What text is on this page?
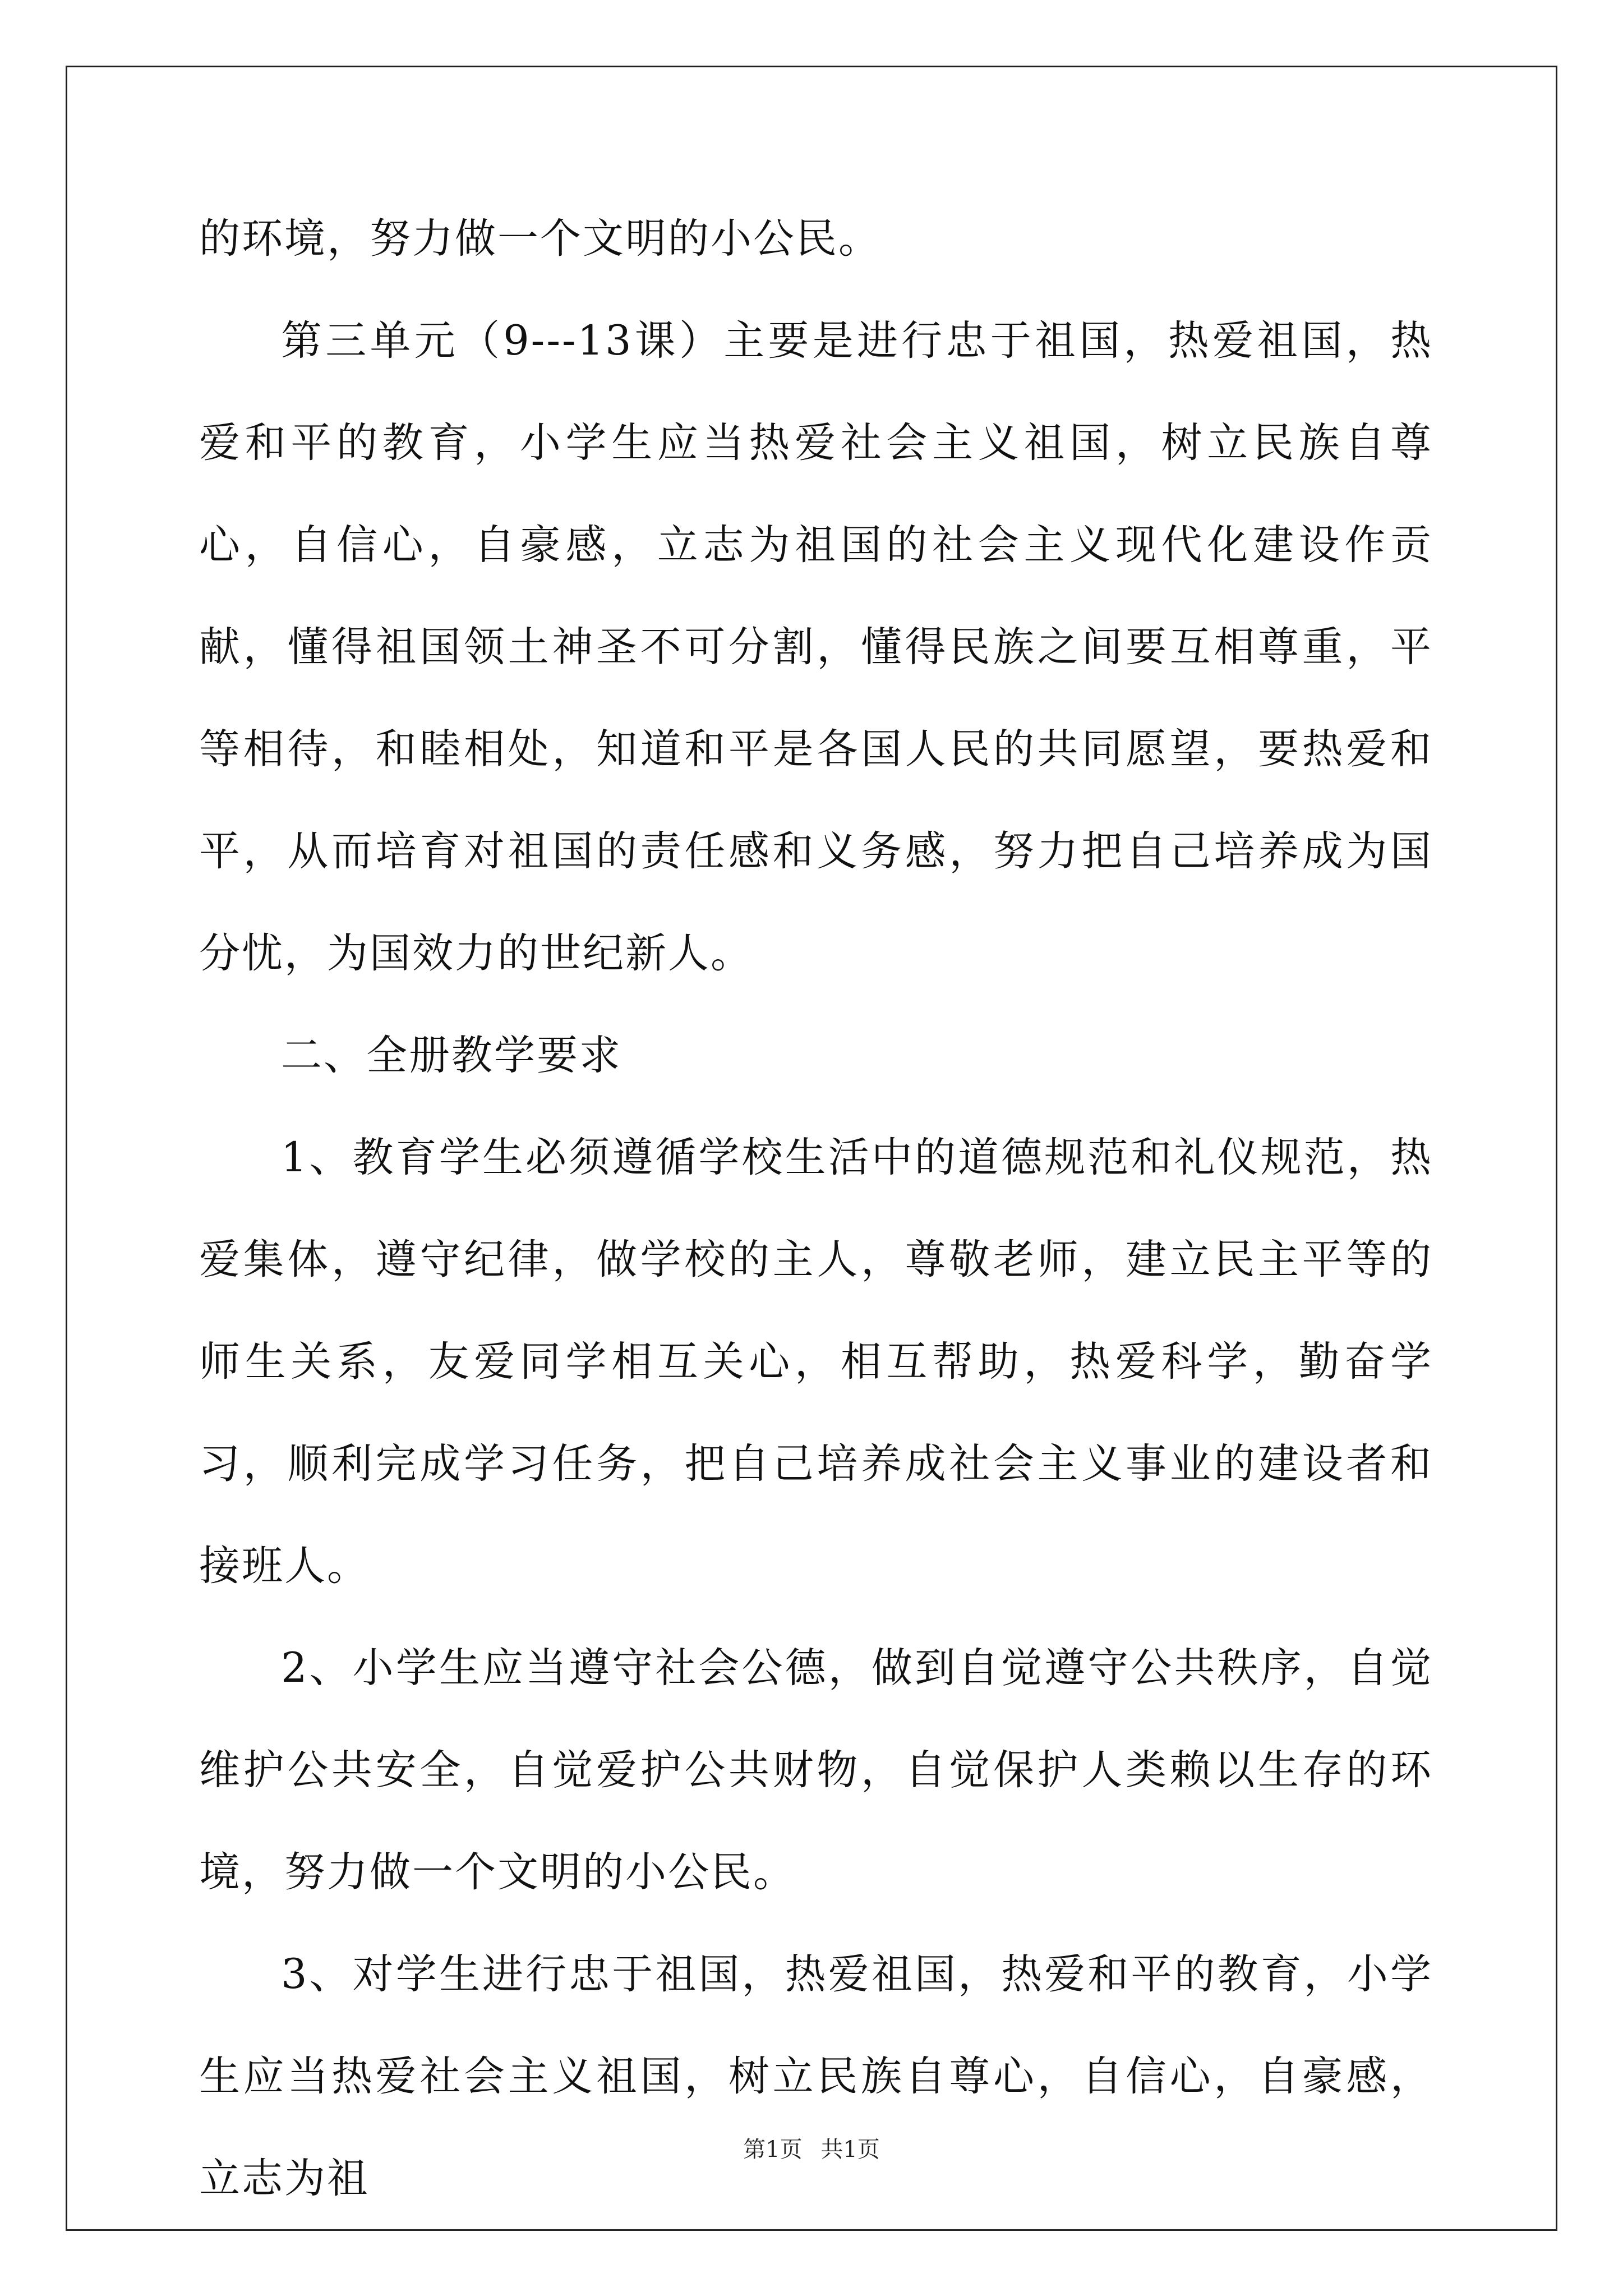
的环境，努力做一个文明的小公民。

第三单元（9---13课）主要是进行忠于祖国，热爱祖国，热爱和平的教育，小学生应当热爱社会主义祖国，树立民族自尊心，自信心，自豪感，立志为祖国的社会主义现代化建设作贡献，懂得祖国领土神圣不可分割，懂得民族之间要互相尊重，平等相待，和睦相处，知道和平是各国人民的共同愿望，要热爱和平，从而培育对祖国的责任感和义务感，努力把自己培养成为国分忧，为国效力的世纪新人。

二、全册教学要求

1、教育学生必须遵循学校生活中的道德规范和礼仪规范，热爱集体，遵守纪律，做学校的主人，尊敬老师，建立民主平等的师生关系，友爱同学相互关心，相互帮助，热爱科学，勤奋学习，顺利完成学习任务，把自己培养成社会主义事业的建设者和接班人。

2、小学生应当遵守社会公德，做到自觉遵守公共秩序，自觉维护公共安全，自觉爱护公共财物，自觉保护人类赖以生存的环境，努力做一个文明的小公民。

3、对学生进行忠于祖国，热爱祖国，热爱和平的教育，小学生应当热爱社会主义祖国，树立民族自尊心，自信心，自豪感，立志为祖

第1页 共1页
